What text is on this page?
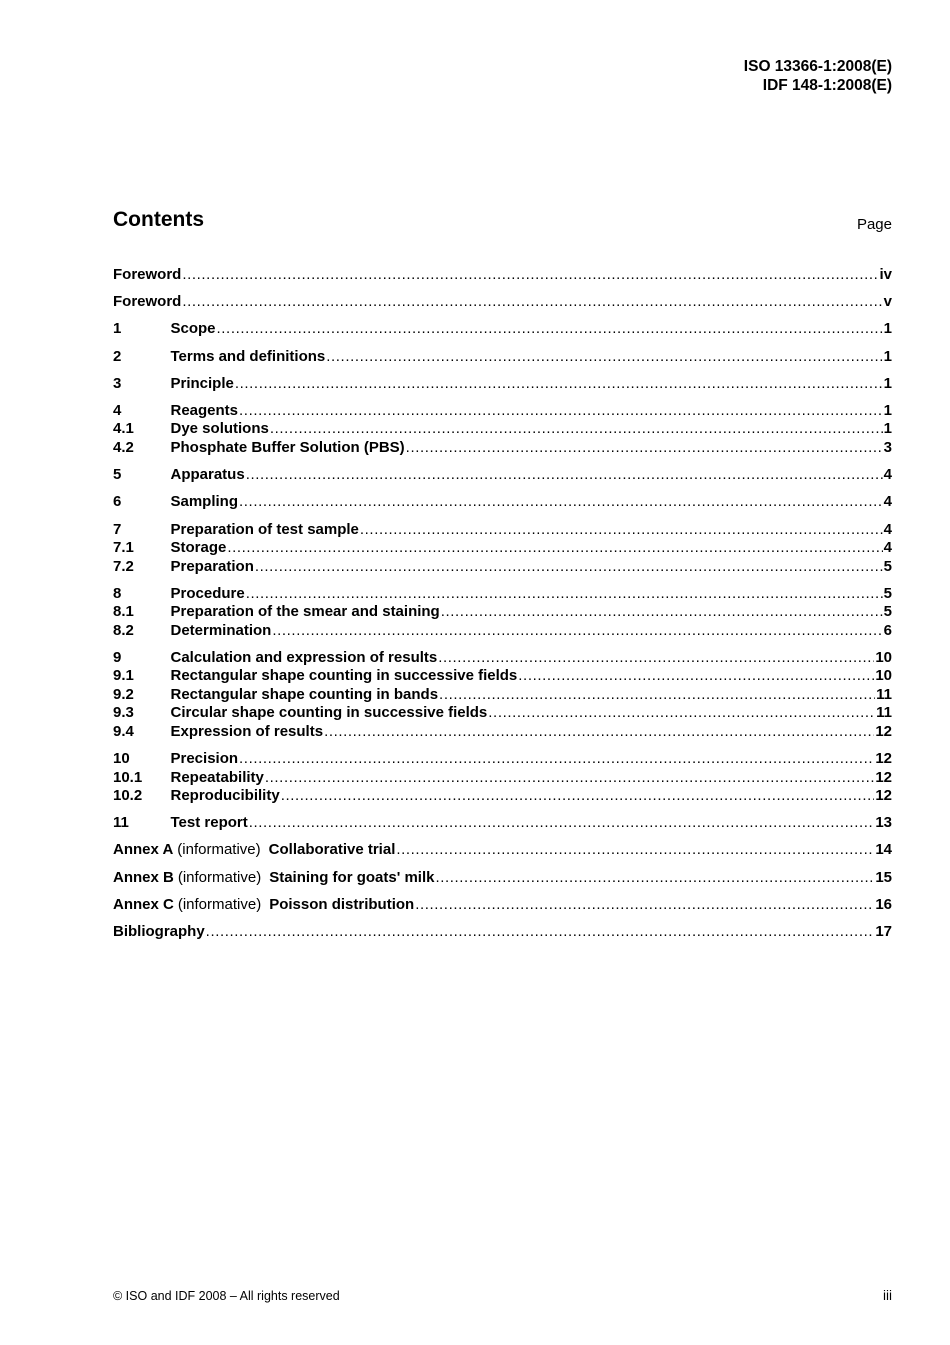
ISO 13366-1:2008(E)
IDF 148-1:2008(E)
Contents	Page
Foreword .....	iv
Foreword .....	v
1	Scope .....	1
2	Terms and definitions .....	1
3	Principle .....	1
4	Reagents .....	1
4.1	Dye solutions .....	1
4.2	Phosphate Buffer Solution (PBS) .....	3
5	Apparatus .....	4
6	Sampling .....	4
7	Preparation of test sample .....	4
7.1	Storage .....	4
7.2	Preparation .....	5
8	Procedure .....	5
8.1	Preparation of the smear and staining .....	5
8.2	Determination .....	6
9	Calculation and expression of results .....	10
9.1	Rectangular shape counting in successive fields .....	10
9.2	Rectangular shape counting in bands .....	11
9.3	Circular shape counting in successive fields .....	11
9.4	Expression of results .....	12
10	Precision .....	12
10.1	Repeatability .....	12
10.2	Reproducibility .....	12
11	Test report .....	13
Annex A (informative) Collaborative trial .....	14
Annex B (informative) Staining for goats' milk .....	15
Annex C (informative) Poisson distribution .....	16
Bibliography .....	17
© ISO and IDF 2008 – All rights reserved	iii
